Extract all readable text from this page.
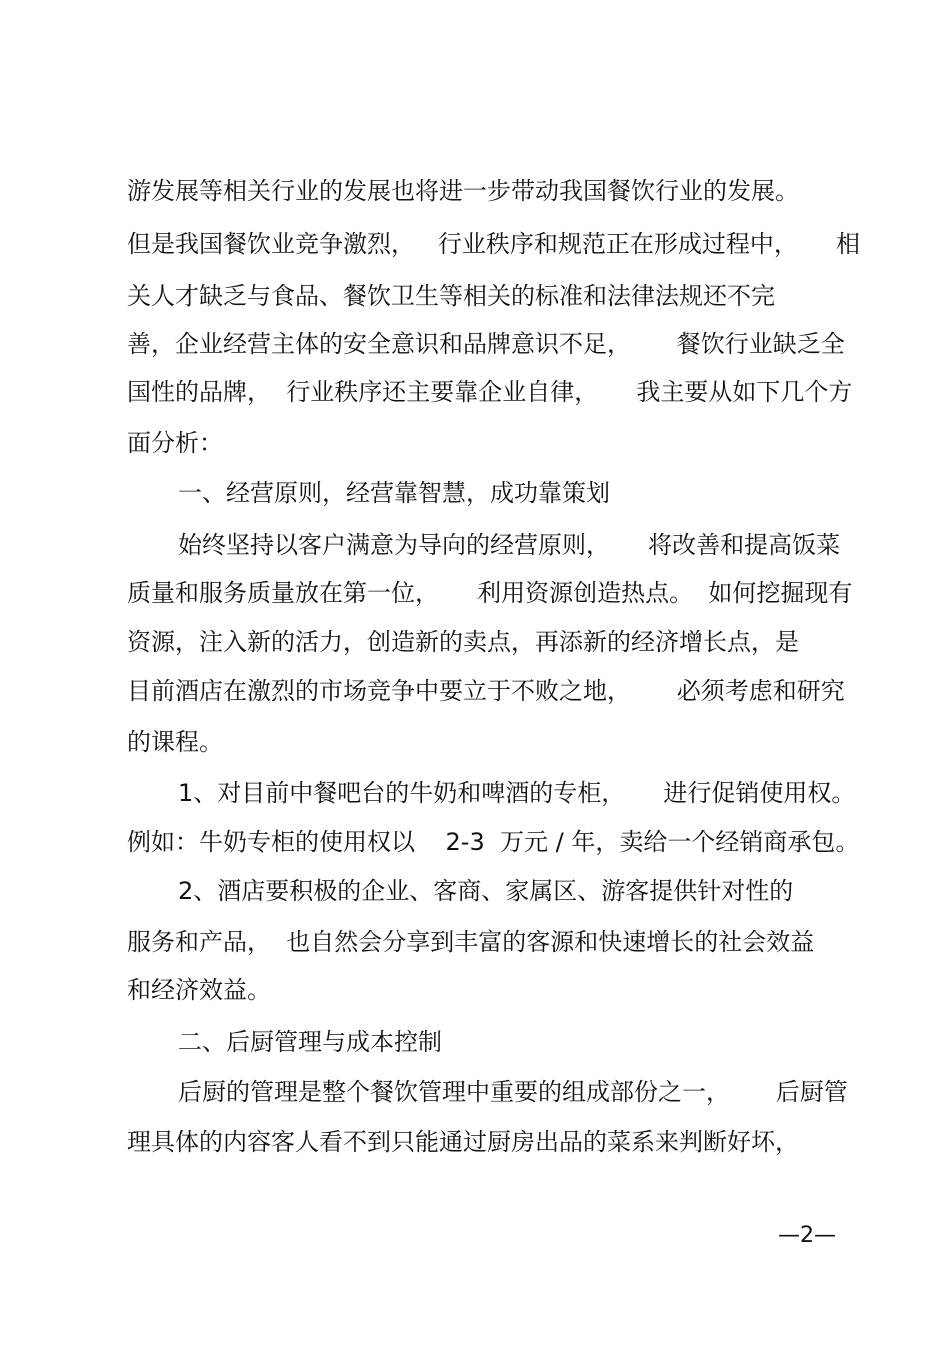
游发展等相关行业的发展也将进一步带动我国餐饮行业的发展。
但是我国餐饮业竞争激烈，   行业秩序和规范正在形成过程中，     相
关人才缺乏与食品、餐饮卫生等相关的标准和法律法规还不完
善，企业经营主体的安全意识和品牌意识不足，      餐饮行业缺乏全
国性的品牌，  行业秩序还主要靠企业自律，     我主要从如下几个方
面分析：
一、经营原则，经营靠智慧，成功靠策划
始终坚持以客户满意为导向的经营原则，     将改善和提高饭菜
质量和服务质量放在第一位，     利用资源创造热点。  如何挖掘现有
资源，注入新的活力，创造新的卖点，再添新的经济增长点，是
目前酒店在激烈的市场竞争中要立于不败之地，      必须考虑和研究
的课程。
1、对目前中餐吧台的牛奶和啤酒的专柜，     进行促销使用权。
例如：牛奶专柜的使用权以    2-3  万元 / 年，卖给一个经销商承包。
2、酒店要积极的企业、客商、家属区、游客提供针对性的
服务和产品，  也自然会分享到丰富的客源和快速增长的社会效益
和经济效益。
二、后厨管理与成本控制
后厨的管理是整个餐饮管理中重要的组成部份之一，      后厨管
理具体的内容客人看不到只能通过厨房出品的菜系来判断好坏，
—2—
